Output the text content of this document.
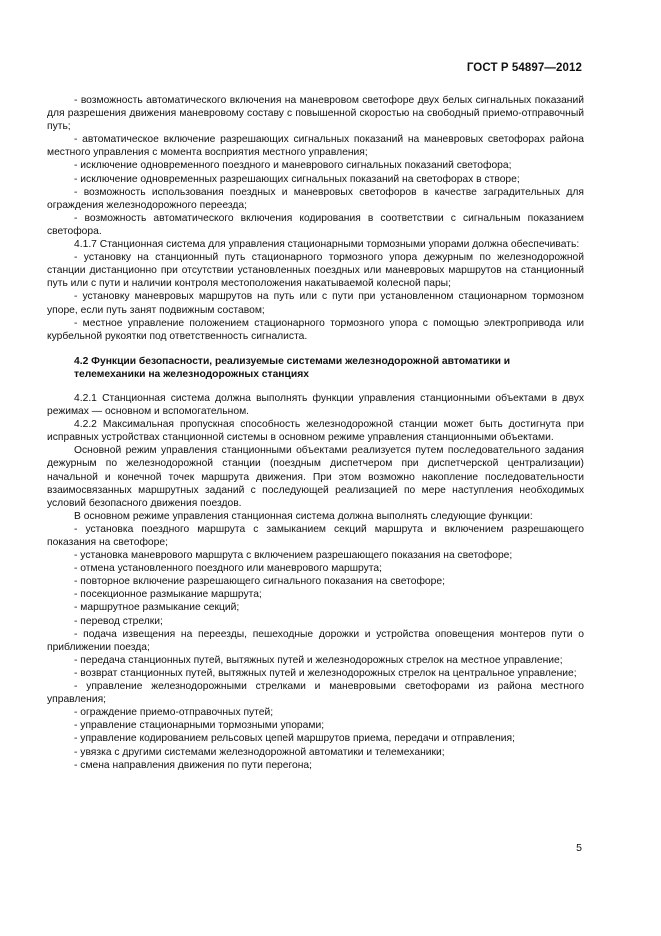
ГОСТ Р 54897—2012

- возможность автоматического включения на маневровом светофоре двух белых сигнальных показаний для разрешения движения маневровому составу с повышенной скоростью на свободный приемо-отправочный путь;

- автоматическое включение разрешающих сигнальных показаний на маневровых светофорах района местного управления с момента восприятия местного управления;

- исключение одновременного поездного и маневрового сигнальных показаний светофора;

- исключение одновременных разрешающих сигнальных показаний на светофорах в створе;

- возможность использования поездных и маневровых светофоров в качестве заградительных для ограждения железнодорожного переезда;

- возможность автоматического включения кодирования в соответствии с сигнальным показанием светофора.

4.1.7 Станционная система для управления стационарными тормозными упорами должна обеспечивать:

- установку на станционный путь стационарного тормозного упора дежурным по железнодорожной станции дистанционно при отсутствии установленных поездных или маневровых маршрутов на станционный путь или с пути и наличии контроля местоположения накатываемой колесной пары;

- установку маневровых маршрутов на путь или с пути при установленном стационарном тормозном упоре, если путь занят подвижным составом;

- местное управление положением стационарного тормозного упора с помощью электропривода или курбельной рукоятки под ответственность сигналиста.

4.2 Функции безопасности, реализуемые системами железнодорожной автоматики и телемеханики на железнодорожных станциях

4.2.1 Станционная система должна выполнять функции управления станционными объектами в двух режимах — основном и вспомогательном.

4.2.2 Максимальная пропускная способность железнодорожной станции может быть достигнута при исправных устройствах станционной системы в основном режиме управления станционными объектами.

Основной режим управления станционными объектами реализуется путем последовательного задания дежурным по железнодорожной станции (поездным диспетчером при диспетчерской централизации) начальной и конечной точек маршрута движения. При этом возможно накопление последовательности взаимосвязанных маршрутных заданий с последующей реализацией по мере наступления необходимых условий безопасного движения поездов.

В основном режиме управления станционная система должна выполнять следующие функции:

- установка поездного маршрута с замыканием секций маршрута и включением разрешающего показания на светофоре;

- установка маневрового маршрута с включением разрешающего показания на светофоре;

- отмена установленного поездного или маневрового маршрута;

- повторное включение разрешающего сигнального показания на светофоре;

- посекционное размыкание маршрута;

- маршрутное размыкание секций;

- перевод стрелки;

- подача извещения на переезды, пешеходные дорожки и устройства оповещения монтеров пути о приближении поезда;

- передача станционных путей, вытяжных путей и железнодорожных стрелок на местное управление;

- возврат станционных путей, вытяжных путей и железнодорожных стрелок на центральное управление;

- управление железнодорожными стрелками и маневровыми светофорами из района местного управления;

- ограждение приемо-отправочных путей;

- управление стационарными тормозными упорами;

- управление кодированием рельсовых цепей маршрутов приема, передачи и отправления;

- увязка с другими системами железнодорожной автоматики и телемеханики;

- смена направления движения по пути перегона;

5
